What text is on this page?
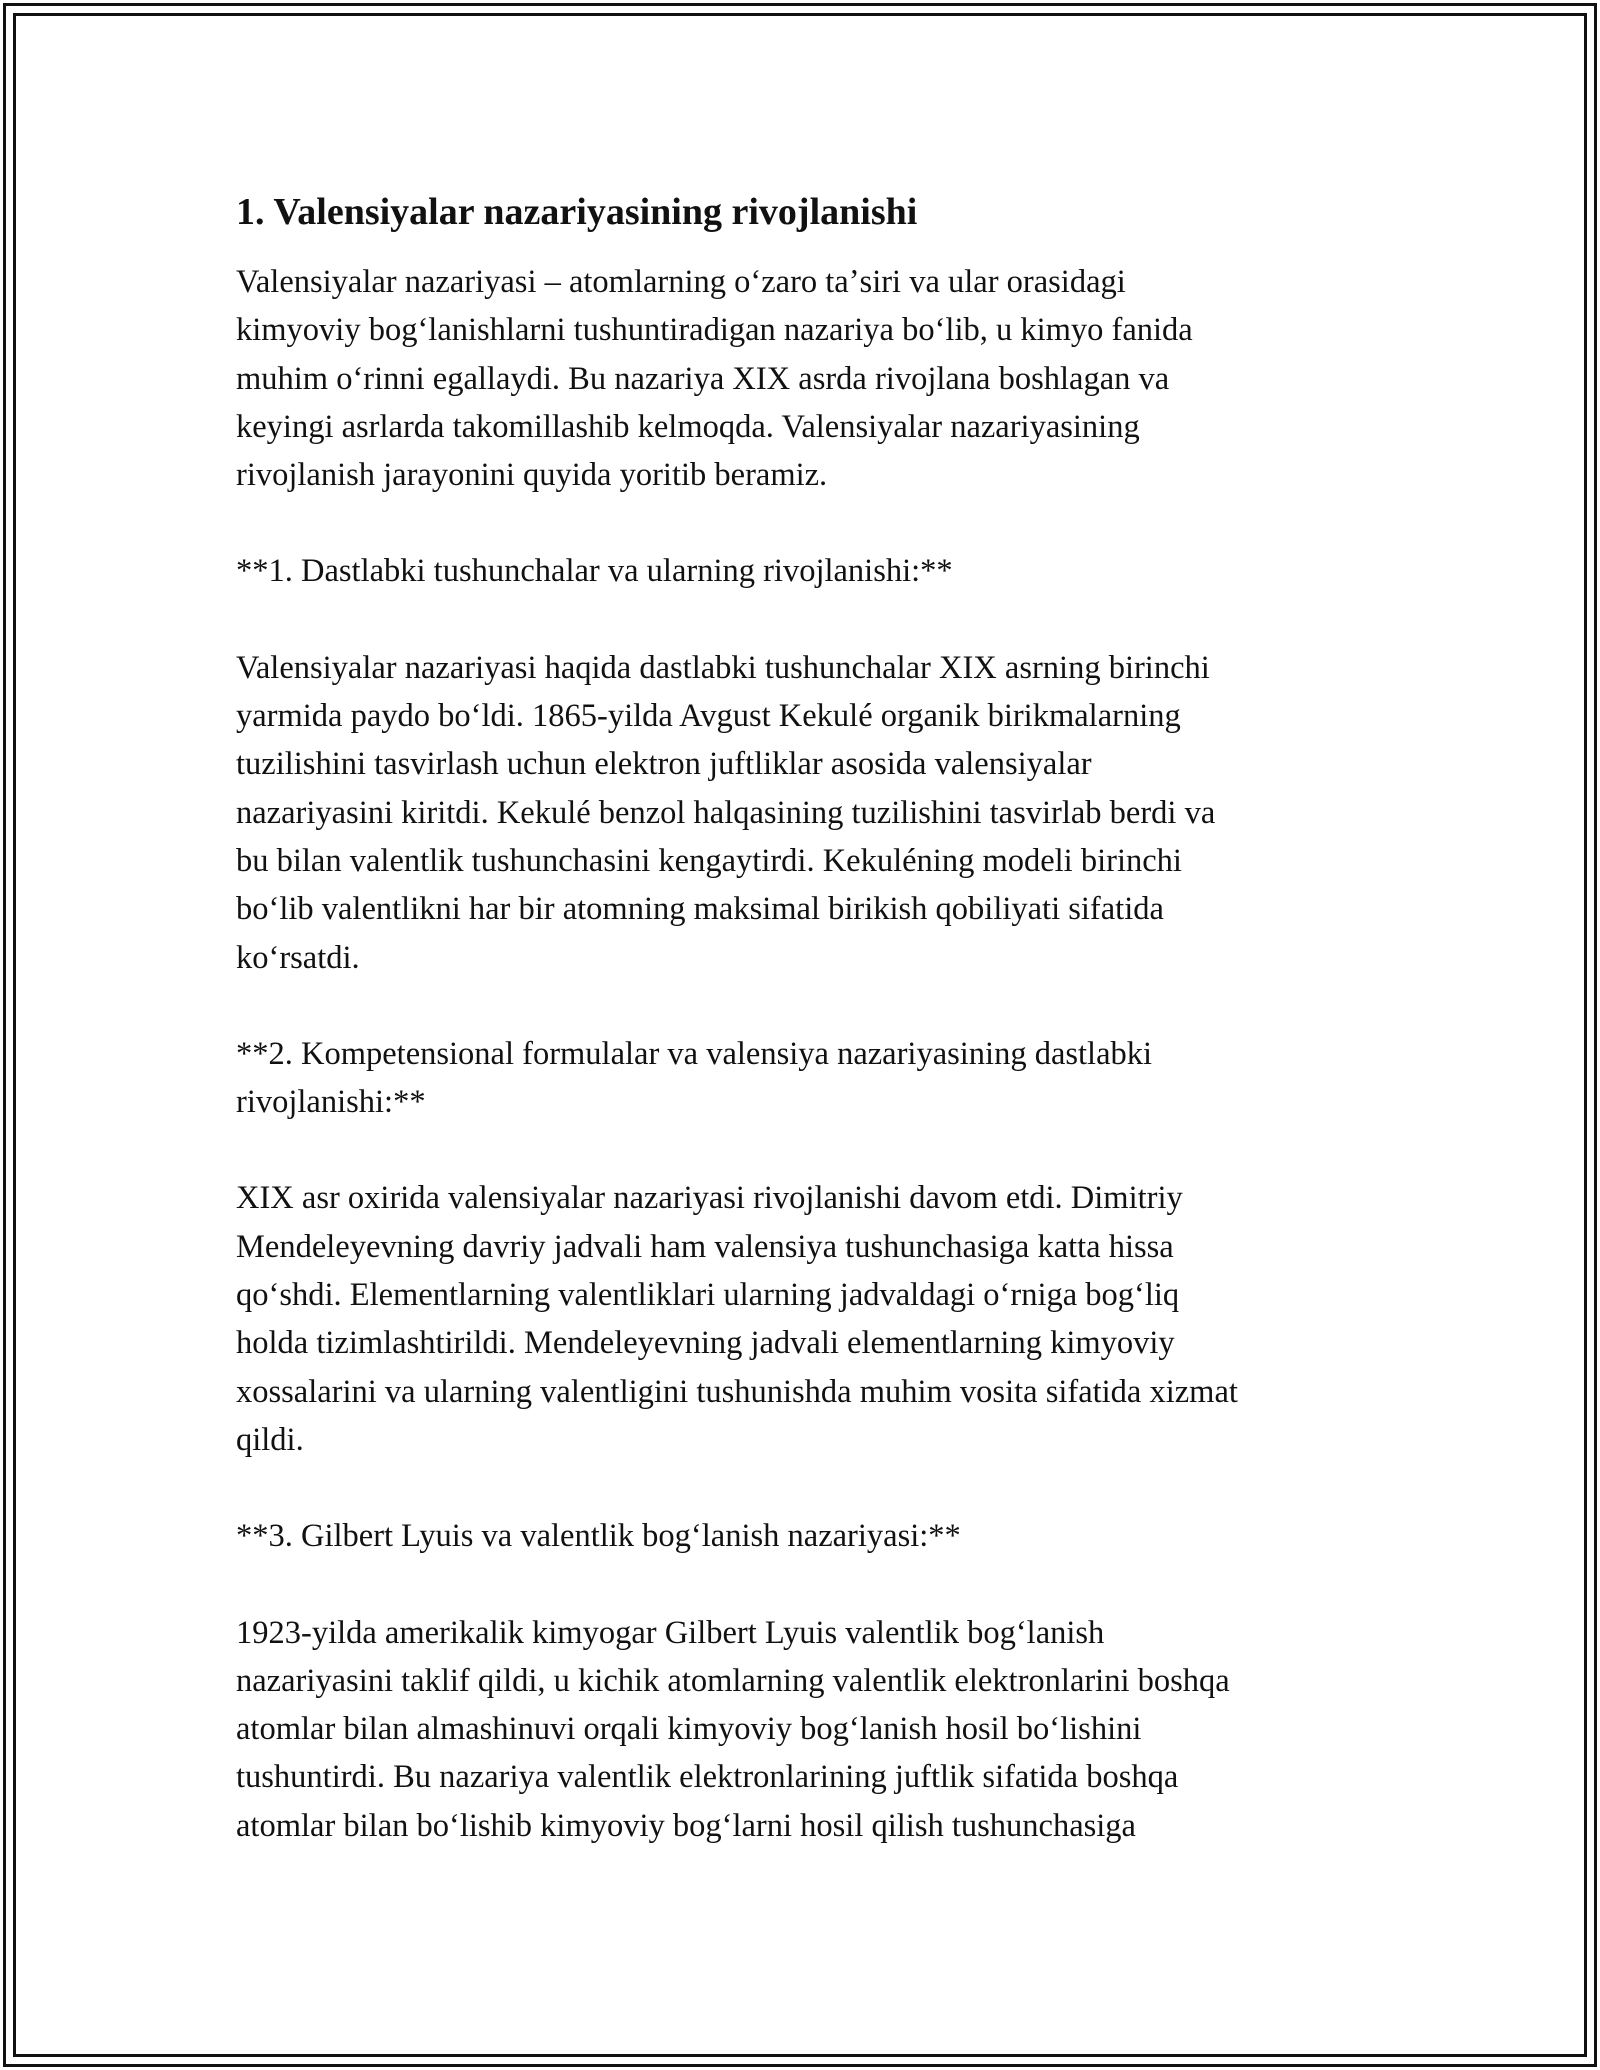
1. Valensiyalar nazariyasining rivojlanishi

Valensiyalar nazariyasi – atomlarning oʻzaro taʼsiri va ular orasidagi
kimyoviy bogʻlanishlarni tushuntiradigan nazariya boʻlib, u kimyo fanida
muhim oʻrinni egallaydi. Bu nazariya XIX asrda rivojlana boshlagan va
keyingi asrlarda takomillashib kelmoqda. Valensiyalar nazariyasining
rivojlanish jarayonini quyida yoritib beramiz.

**1. Dastlabki tushunchalar va ularning rivojlanishi:**

Valensiyalar nazariyasi haqida dastlabki tushunchalar XIX asrning birinchi
yarmida paydo boʻldi. 1865-yilda Avgust Kekulé organik birikmalarning
tuzilishini tasvirlash uchun elektron juftliklar asosida valensiyalar
nazariyasini kiritdi. Kekulé benzol halqasining tuzilishini tasvirlab berdi va
bu bilan valentlik tushunchasini kengaytirdi. Kekuléning modeli birinchi
boʻlib valentlikni har bir atomning maksimal birikish qobiliyati sifatida
koʻrsatdi.

**2. Kompetensional formulalar va valensiya nazariyasining dastlabki
rivojlanishi:**

XIX asr oxirida valensiyalar nazariyasi rivojlanishi davom etdi. Dimitriy
Mendeleyevning davriy jadvali ham valensiya tushunchasiga katta hissa
qoʻshdi. Elementlarning valentliklari ularning jadvaldagi oʻrniga bogʻliq
holda tizimlashtirildi. Mendeleyevning jadvali elementlarning kimyoviy
xossalarini va ularning valentligini tushunishda muhim vosita sifatida xizmat
qildi.

**3. Gilbert Lyuis va valentlik bogʻlanish nazariyasi:**

1923-yilda amerikalik kimyogar Gilbert Lyuis valentlik bogʻlanish
nazariyasini taklif qildi, u kichik atomlarning valentlik elektronlarini boshqa
atomlar bilan almashinuvi orqali kimyoviy bogʻlanish hosil boʻlishini
tushuntirdi. Bu nazariya valentlik elektronlarining juftlik sifatida boshqa
atomlar bilan boʻlishib kimyoviy bogʻlarni hosil qilish tushunchasiga
